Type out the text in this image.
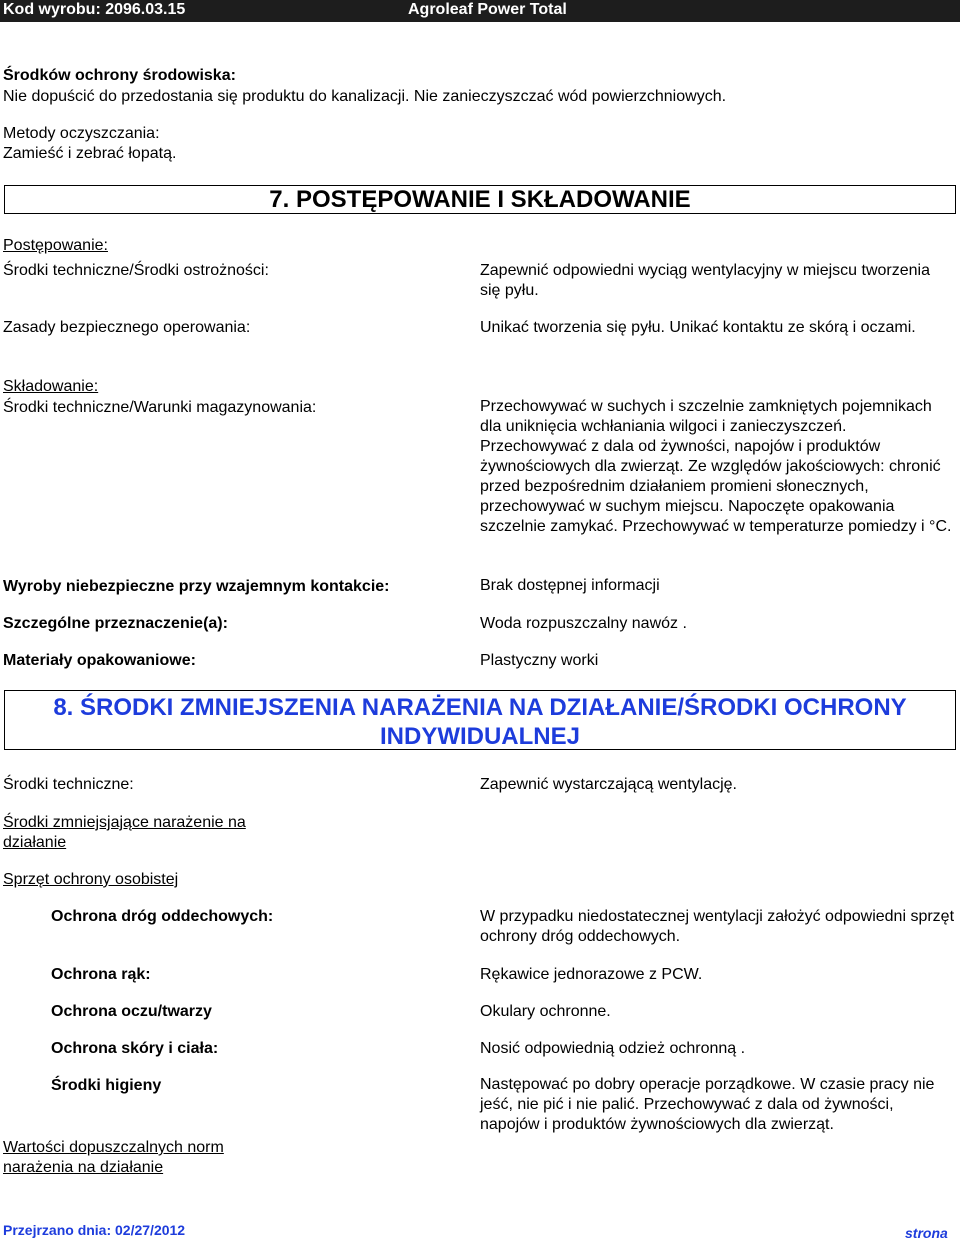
Kod wyrobu: 2096.03.15	Agroleaf Power Total
Środków ochrony środowiska:
Nie dopuścić do przedostania się produktu do kanalizacji. Nie zanieczyszczać wód powierzchniowych.
Metody oczyszczania:
Zamieść i zebrać łopatą.
7. POSTĘPOWANIE I SKŁADOWANIE
Postępowanie:
Środki techniczne/Środki ostrożności:	Zapewnić odpowiedni wyciąg wentylacyjny w miejscu tworzenia się pyłu.
Zasady bezpiecznego operowania:	Unikać tworzenia się pyłu. Unikać kontaktu ze skórą i oczami.
Składowanie:
Środki techniczne/Warunki magazynowania:	Przechowywać w suchych i szczelnie zamkniętych pojemnikach dla uniknięcia wchłaniania wilgoci i zanieczyszczeń. Przechowywać z dala od żywności, napojów i produktów żywnościowych dla zwierząt. Ze względów jakościowych: chronić przed bezpośrednim działaniem promieni słonecznych, przechowywać w suchym miejscu. Napoczęte opakowania szczelnie zamykać. Przechowywać w temperaturze pomiedzy i °C.
Wyroby niebezpieczne przy wzajemnym kontakcie:	Brak dostępnej informacji
Szczególne przeznaczenie(a):	Woda rozpuszczalny nawóz .
Materiały opakowaniowe:	Plastyczny worki
8. ŚRODKI ZMNIEJSZENIA NARAŻENIA NA DZIAŁANIE/ŚRODKI OCHRONY
INDYWIDUALNEJ
Środki techniczne:	Zapewnić wystarczającą wentylację.
Środki zmniejsjające narażenie na działanie
Sprzęt ochrony osobistej
Ochrona dróg oddechowych:	W przypadku niedostatecznej wentylacji założyć odpowiedni sprzęt ochrony dróg oddechowych.
Ochrona rąk:	Rękawice jednorazowe z PCW.
Ochrona oczu/twarzy	Okulary ochronne.
Ochrona skóry i ciała:	Nosić odpowiednią odzież ochronną .
Środki higieny	Następować po dobry operacje porządkowe. W czasie pracy nie jeść, nie pić i nie palić. Przechowywać z dala od żywności, napojów i produktów żywnościowych dla zwierząt.
Wartości dopuszczalnych norm narażenia na działanie
Przejrzano dnia: 02/27/2012	strona
